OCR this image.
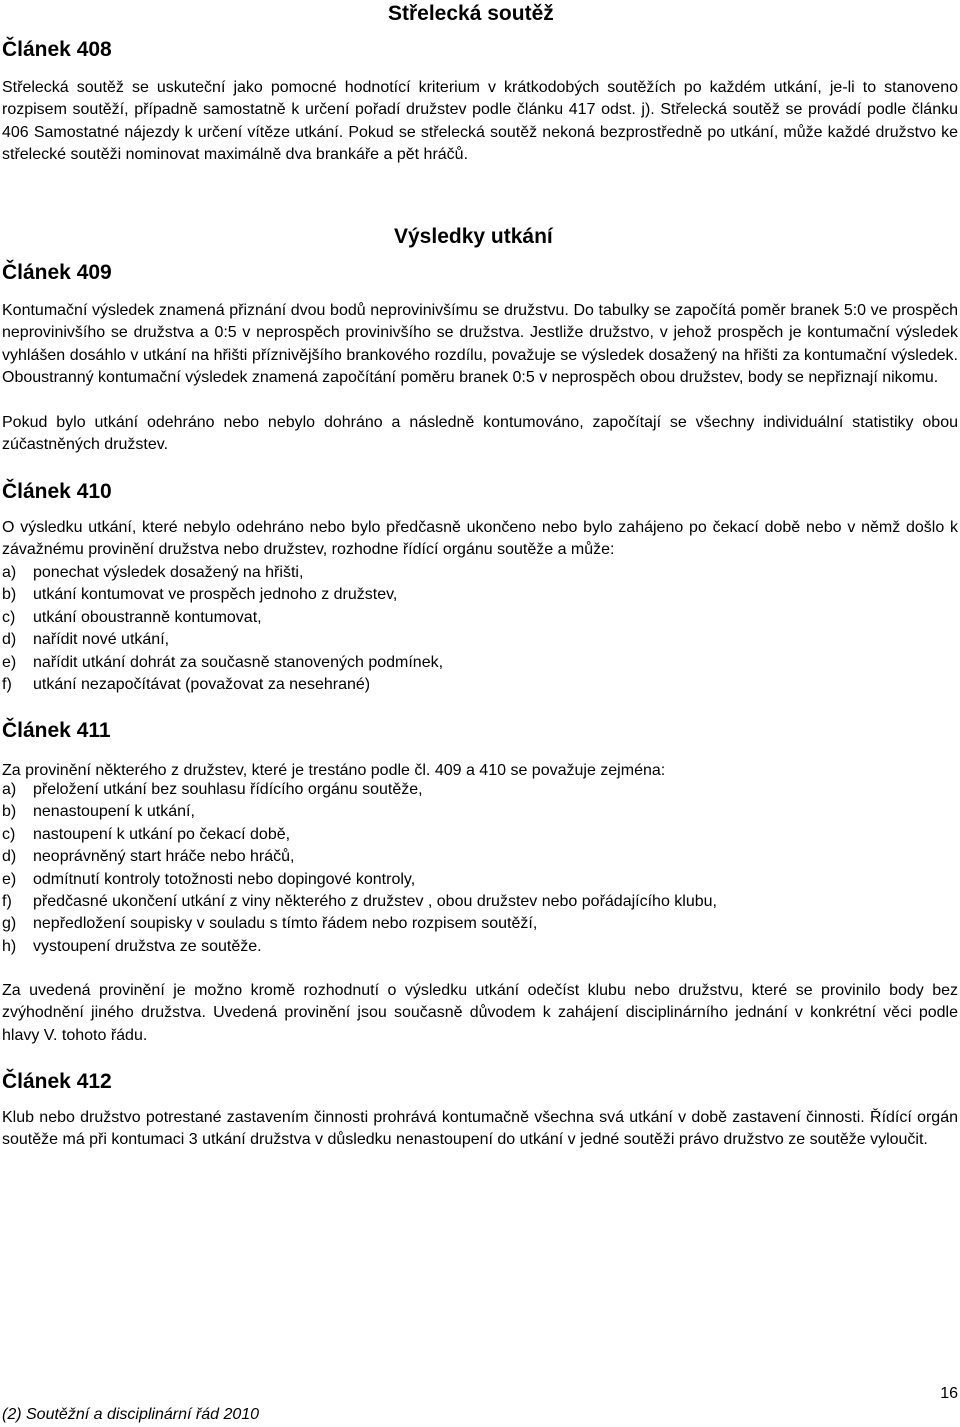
Střelecká soutěž
Článek 408

Střelecká soutěž se uskuteční jako pomocné hodnotící kriterium v krátkodobých soutěžích po každém utkání, je-li to stanoveno rozpisem soutěží, případně samostatně k určení pořadí družstev podle článku 417 odst. j). Střelecká soutěž se provádí podle článku 406 Samostatné nájezdy k určení vítěze utkání. Pokud se střelecká soutěž nekoná bezprostředně po utkání, může každé družstvo ke střelecké soutěži nominovat maximálně dva brankáře a pět hráčů.

Výsledky utkání
Článek 409

Kontumační výsledek znamená přiznání dvou bodů neprovinivšímu se družstvu. Do tabulky se započítá poměr branek 5:0 ve prospěch neprovinivšího se družstva a 0:5 v neprospěch provinivšího se družstva. Jestliže družstvo, v jehož prospěch je kontumační výsledek vyhlášen dosáhlo v utkání na hřišti příznivějšího brankového rozdílu, považuje se výsledek dosažený na hřišti za kontumační výsledek. Oboustranný kontumační výsledek znamená započítání poměru branek 0:5 v neprospěch obou družstev, body se nepřiznají nikomu.

Pokud bylo utkání odehráno nebo nebylo dohráno a následně kontumováno, započítají se všechny individuální statistiky obou zúčastněných družstev.

Článek 410

O výsledku utkání, které nebylo odehráno nebo bylo předčasně ukončeno nebo bylo zahájeno po čekací době nebo v němž došlo k závažnému provinění družstva nebo družstev, rozhodne řídící orgánu soutěže a může:

a)	ponechat výsledek dosažený na hřišti,
b)	utkání kontumovat ve prospěch jednoho z družstev,
c)	utkání oboustranně kontumovat,
d)	nařídit nové utkání,
e)	nařídit utkání dohrát za současně stanovených podmínek,
f)	utkání nezapočítávat (považovat za nesehrané)
Článek 411

Za provinění některého z družstev, které je trestáno podle čl. 409 a 410 se považuje zejména:

a)	přeložení utkání bez souhlasu řídícího orgánu soutěže,
b)	nenastoupení k utkání,
c)	nastoupení k utkání po čekací době,
d)	neoprávněný start hráče nebo hráčů,
e)	odmítnutí kontroly totožnosti nebo dopingové kontroly,
f)	předčasné ukončení utkání z viny některého z družstev , obou družstev nebo pořádajícího klubu,
g)	nepředložení soupisky v souladu s tímto řádem nebo rozpisem soutěží,
h)	vystoupení družstva ze soutěže.

Za uvedená provinění je možno kromě rozhodnutí o výsledku utkání odečíst klubu nebo družstvu, které se provinilo body bez zvýhodnění jiného družstva. Uvedená provinění jsou současně důvodem k zahájení disciplinárního jednání v konkrétní věci podle hlavy V. tohoto řádu.

Článek 412

Klub nebo družstvo potrestané zastavením činnosti prohrává kontumačně všechna svá utkání v době zastavení činnosti. Řídící orgán soutěže má při kontumaci 3 utkání družstva v důsledku nenastoupení do utkání v jedné soutěži právo družstvo ze soutěže vyloučit.

16
(2) Soutěžní a disciplinární řád 2010
